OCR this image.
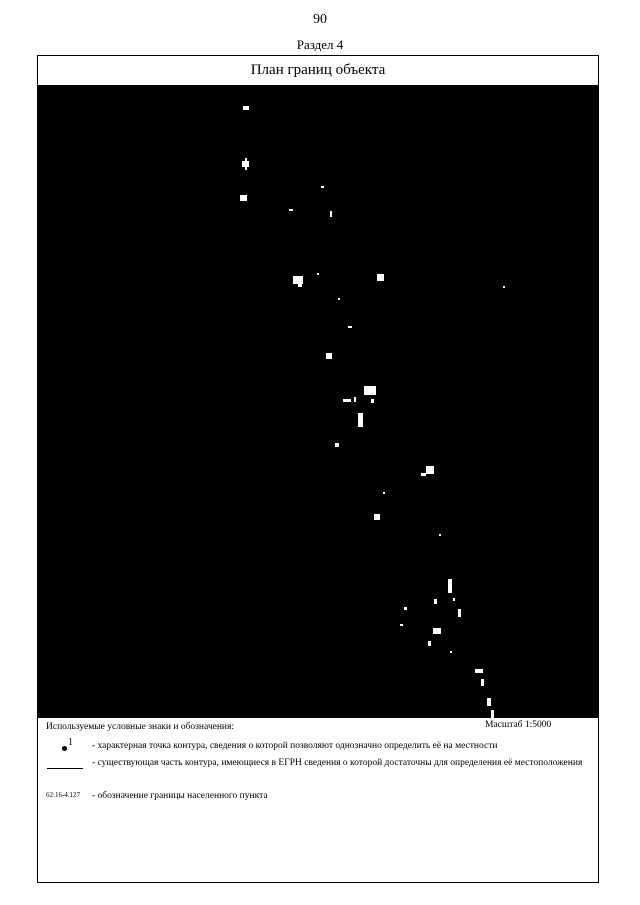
90
Раздел 4
План границ объекта
Используемые условные знаки и обозначения:	Масштаб 1:5000
1 - характерная точка контура, сведения о которой позволяют однозначно определить её на местности
- существующая часть контура, имеющиеся в ЕГРН сведения о которой достаточны для определения её местоположения
62:16-4.127 - обозначение границы населенного пункта
